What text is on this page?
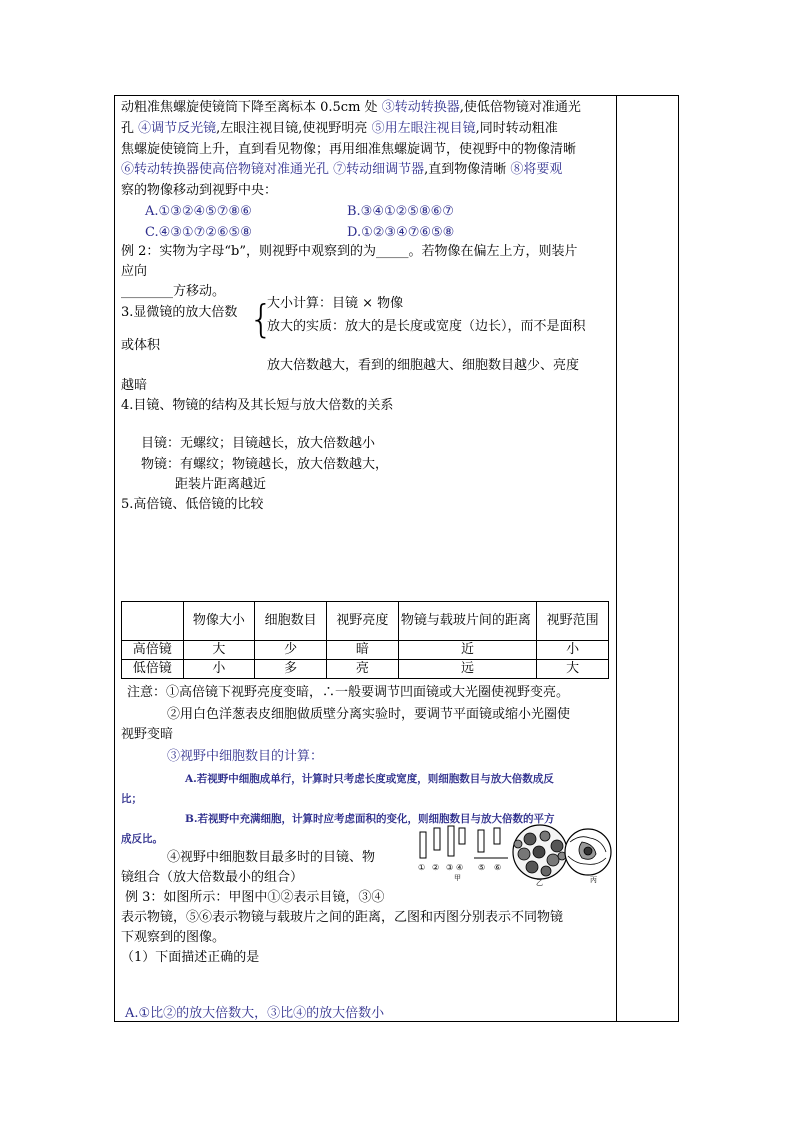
动粗准焦螺旋使镜筒下降至离标本 0.5cm 处 ③转动转换器,使低倍物镜对准通光
孔 ④调节反光镜,左眼注视目镜,使视野明亮 ⑤用左眼注视目镜,同时转动粗准
焦螺旋使镜筒上升，直到看见物像；再用细准焦螺旋调节，使视野中的物像清晰
⑥转动转换器使高倍物镜对准通光孔 ⑦转动细调节器,直到物像清晰 ⑧将要观
察的物像移动到视野中央：
A.①③②④⑤⑦⑧⑥	B.③④①②⑤⑧⑥⑦
C.④③①⑦②⑥⑤⑧	D.①②③④⑦⑥⑤⑧
例 2：实物为字母“b”，则视野中观察到的为_____。若物像在偏左上方，则装片
应向
________方移动。
3.显微镜的放大倍数 {
大小计算：目镜 × 物像
放大的实质：放大的是长度或宽度（边长），而不是面积
或体积
放大倍数越大，看到的细胞越大、细胞数目越少、亮度
越暗
4.目镜、物镜的结构及其长短与放大倍数的关系
目镜：无螺纹；目镜越长，放大倍数越小
物镜：有螺纹；物镜越长，放大倍数越大，
距装片距离越近
5.高倍镜、低倍镜的比较
	物像大小	细胞数目	视野亮度	物镜与载玻片间的距离	视野范围
高倍镜	大	少	暗	近	小
低倍镜	小	多	亮	远	大
注意：①高倍镜下视野亮度变暗，∴一般要调节凹面镜或大光圈使视野变亮。
②用白色洋葱表皮细胞做质壁分离实验时，要调节平面镜或缩小光圈使
视野变暗
③视野中细胞数目的计算：
A.若视野中细胞成单行，计算时只考虑长度或宽度，则细胞数目与放大倍数成反
比；
B.若视野中充满细胞，计算时应考虑面积的变化，则细胞数目与放大倍数的平方
成反比。
④视野中细胞数目最多时的目镜、物
镜组合（放大倍数最小的组合）
例 3：如图所示：甲图中①②表示目镜，③④
表示物镜，⑤⑥表示物镜与载玻片之间的距离，乙图和丙图分别表示不同物镜
下观察到的图像。
（1）下面描述正确的是
A.①比②的放大倍数大，③比④的放大倍数小
① ② ③ ④ ⑤ ⑥
甲
乙	丙
